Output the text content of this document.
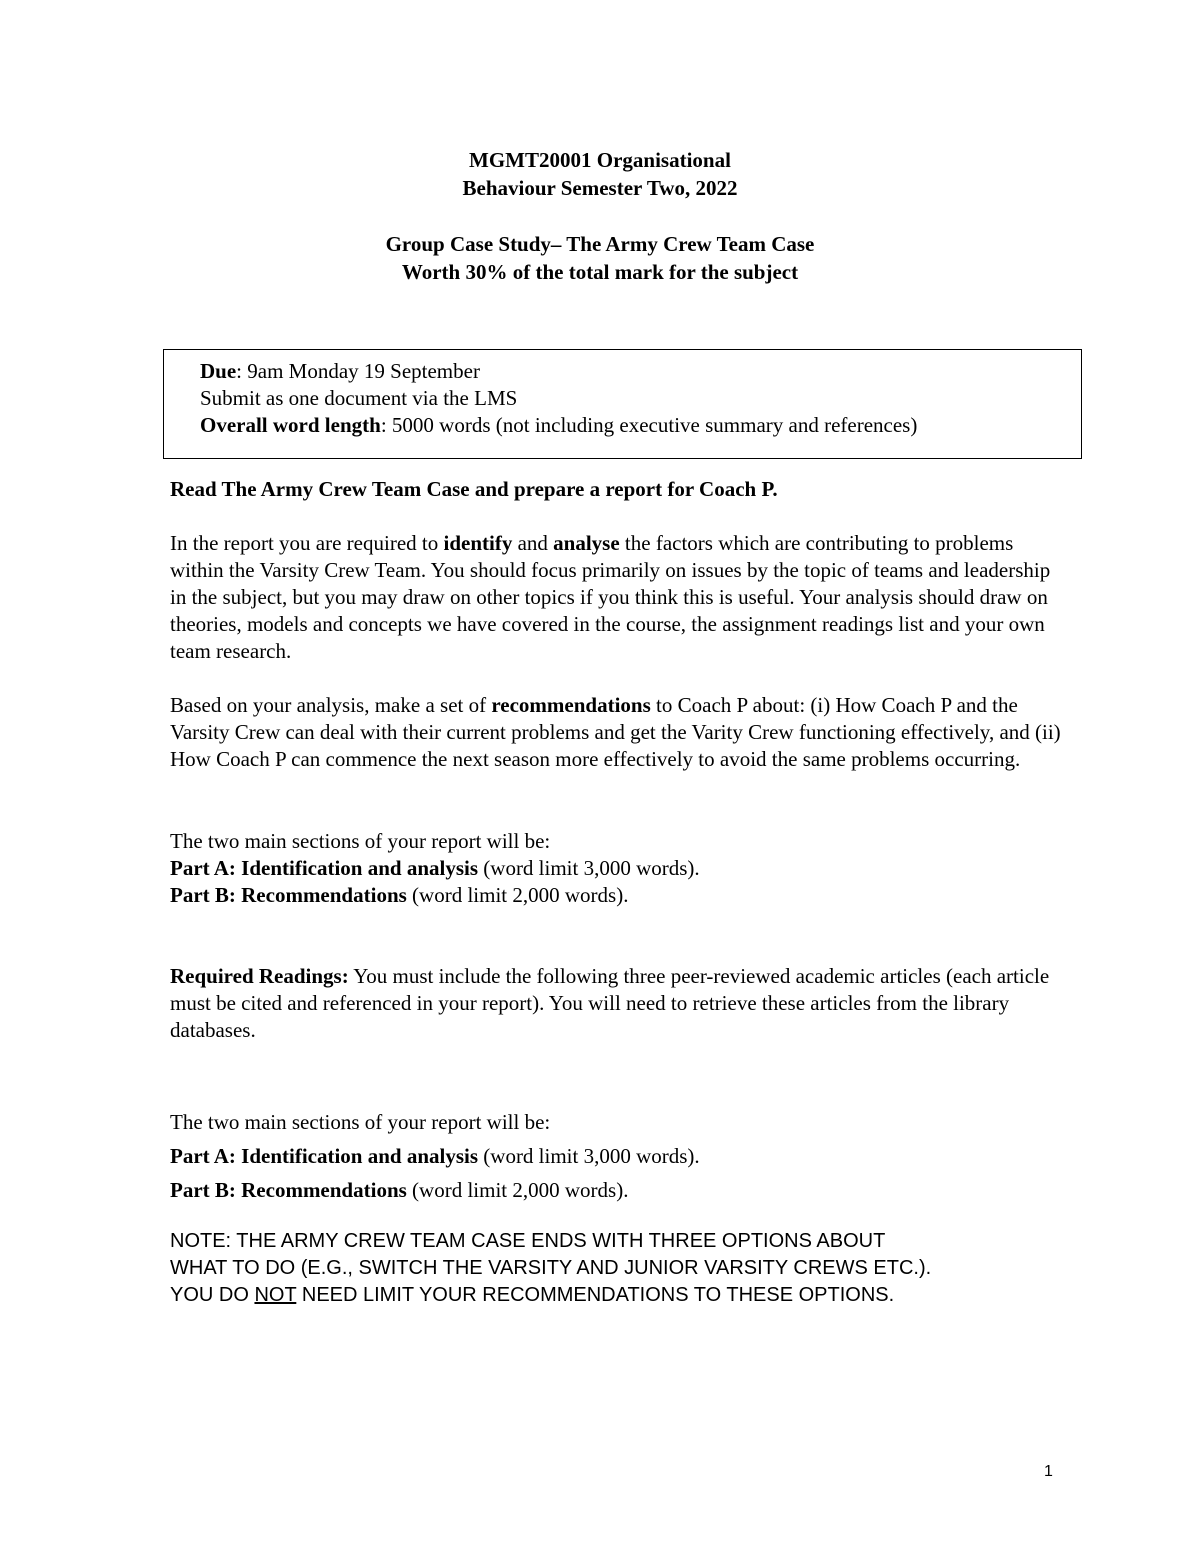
MGMT20001 Organisational
Behaviour Semester Two, 2022
Group Case Study– The Army Crew Team Case
Worth 30% of the total mark for the subject
Due: 9am Monday 19 September
Submit as one document via the LMS
Overall word length: 5000 words (not including executive summary and references)

Read The Army Crew Team Case and prepare a report for Coach P.

In the report you are required to identify and analyse the factors which are contributing to problems within the Varsity Crew Team. You should focus primarily on issues by the topic of teams and leadership in the subject, but you may draw on other topics if you think this is useful. Your analysis should draw on theories, models and concepts we have covered in the course, the assignment readings list and your own team research.

Based on your analysis, make a set of recommendations to Coach P about: (i) How Coach P and the Varsity Crew can deal with their current problems and get the Varity Crew functioning effectively, and (ii) How Coach P can commence the next season more effectively to avoid the same problems occurring.

The two main sections of your report will be:

Part A: Identification and analysis (word limit 3,000 words).

Part B: Recommendations (word limit 2,000 words).

Required Readings: You must include the following three peer-reviewed academic articles (each article must be cited and referenced in your report). You will need to retrieve these articles from the library databases.

The two main sections of your report will be:

Part A: Identification and analysis (word limit 3,000 words).

Part B: Recommendations (word limit 2,000 words).

NOTE: THE ARMY CREW TEAM CASE ENDS WITH THREE OPTIONS ABOUT

WHAT TO DO (E.G., SWITCH THE VARSITY AND JUNIOR VARSITY CREWS ETC.).

YOU DO NOT NEED LIMIT YOUR RECOMMENDATIONS TO THESE OPTIONS.

1
